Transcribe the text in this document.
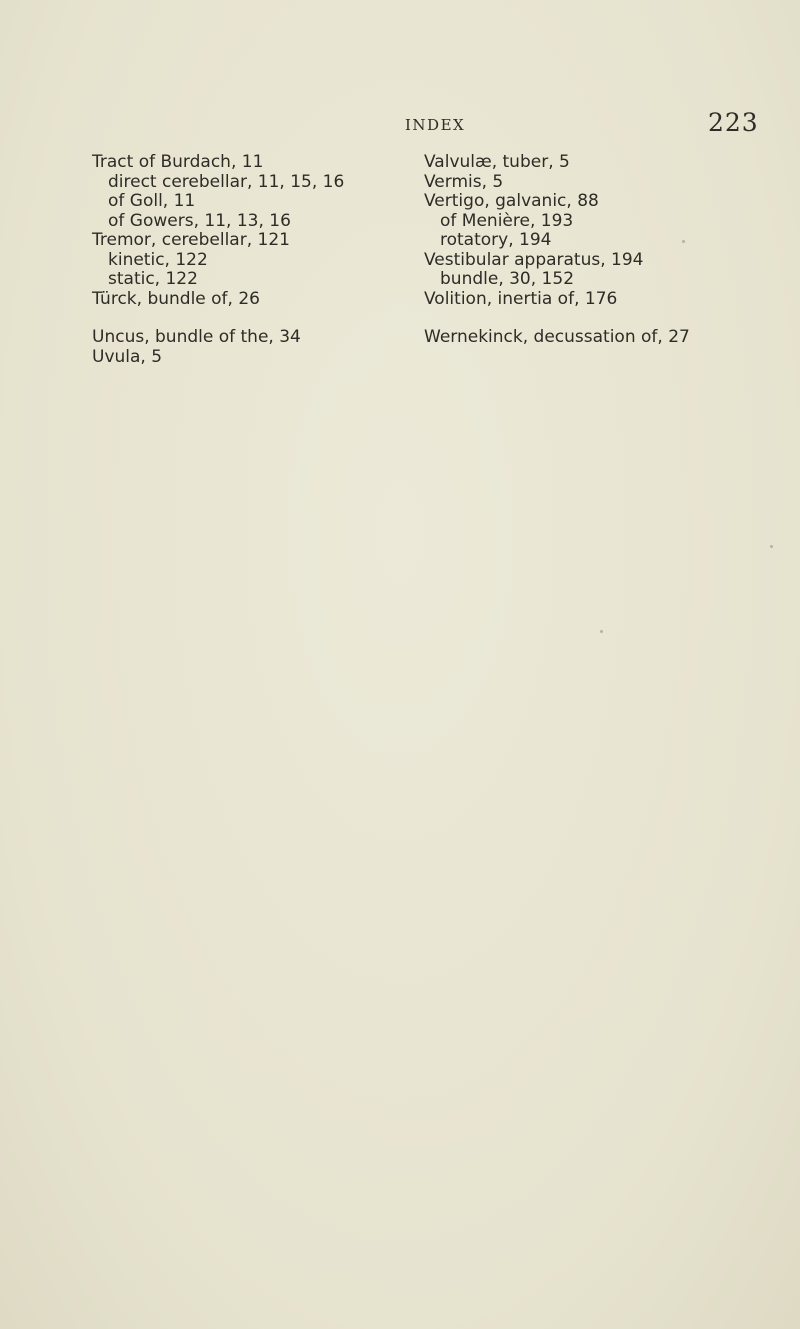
INDEX	223
Tract of Burdach, 11
direct cerebellar, 11, 15, 16
of Goll, 11
of Gowers, 11, 13, 16
Tremor, cerebellar, 121
kinetic, 122
static, 122
Türck, bundle of, 26
Uncus, bundle of the, 34
Uvula, 5
Valvulæ, tuber, 5
Vermis, 5
Vertigo, galvanic, 88
of Menière, 193
rotatory, 194
Vestibular apparatus, 194
bundle, 30, 152
Volition, inertia of, 176
Wernekinck, decussation of, 27
